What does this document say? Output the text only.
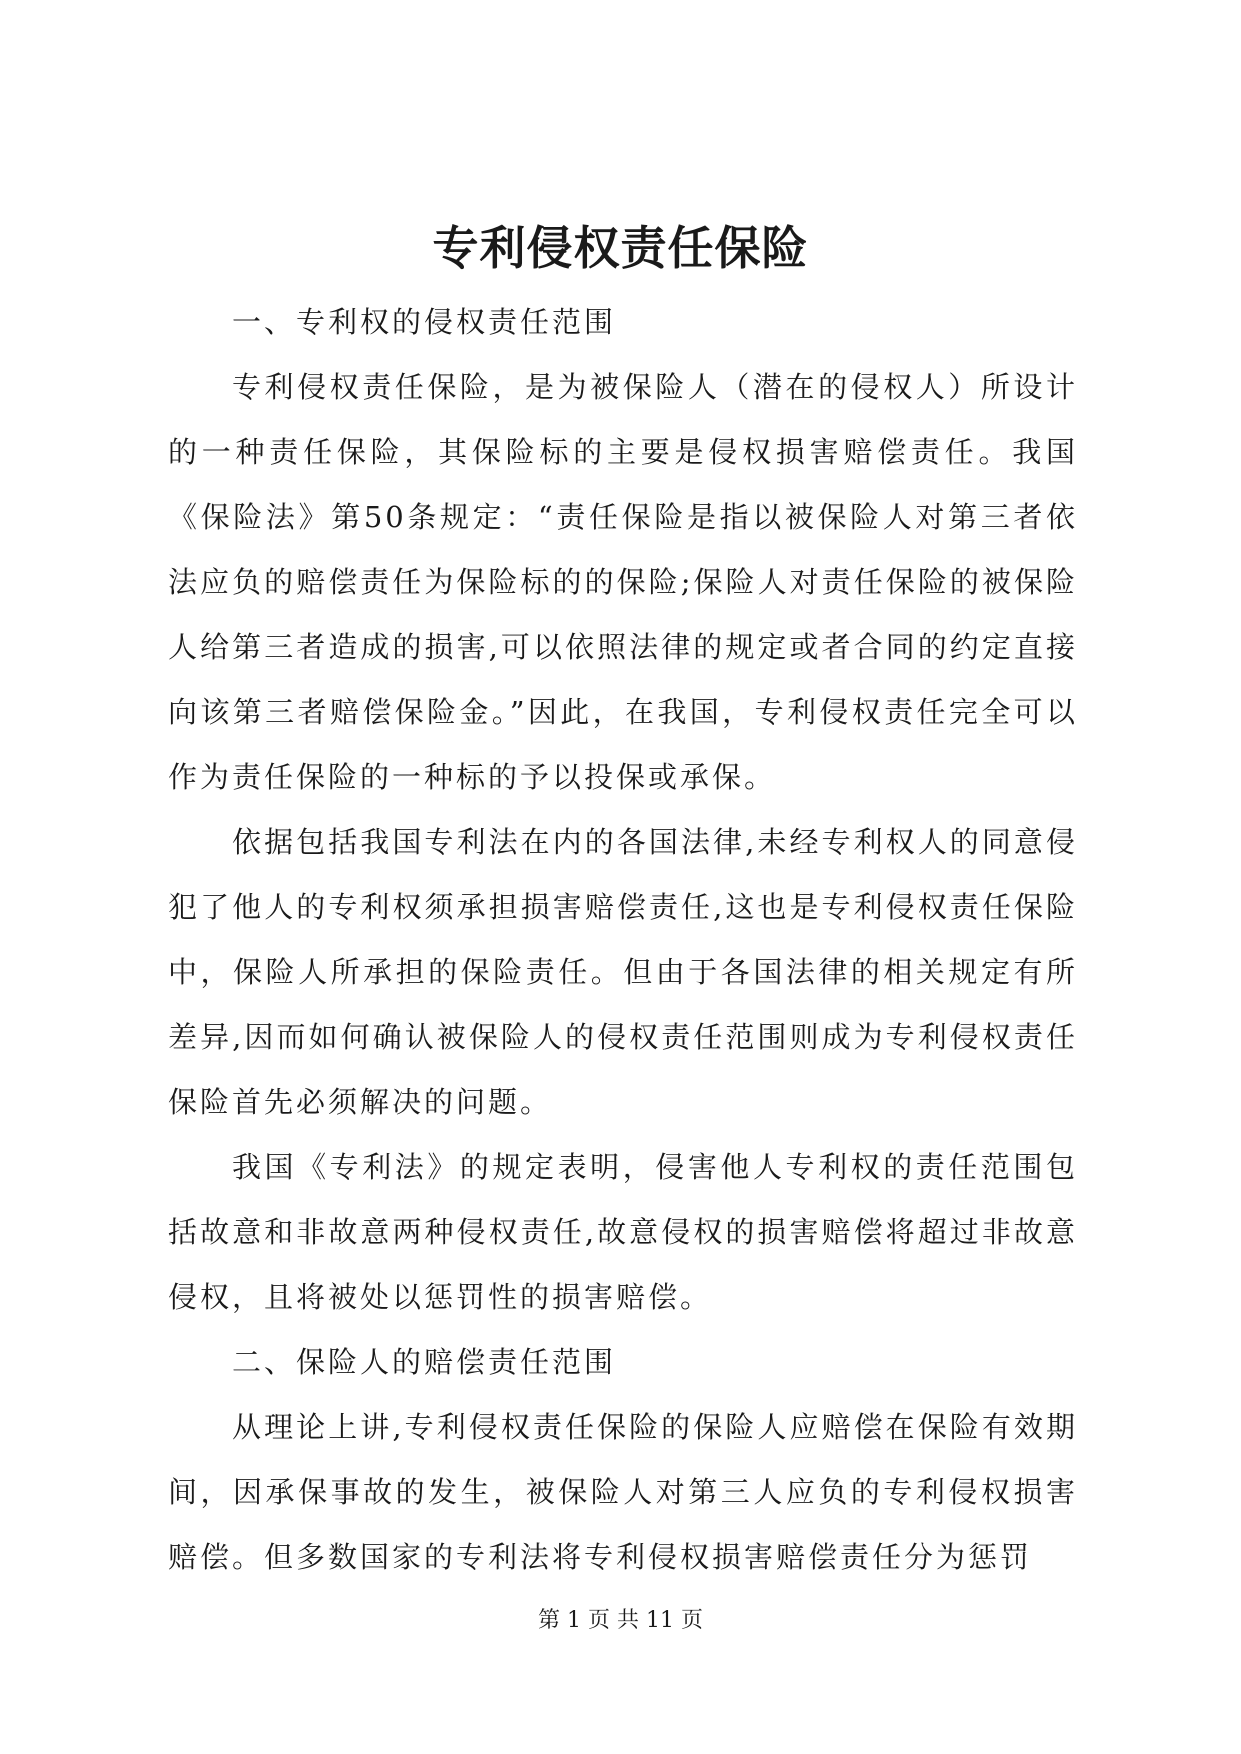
专利侵权责任保险

一、专利权的侵权责任范围

专利侵权责任保险，是为被保险人（潜在的侵权人）所设计的一种责任保险，其保险标的主要是侵权损害赔偿责任。我国《保险法》第50条规定：“责任保险是指以被保险人对第三者依法应负的赔偿责任为保险标的的保险;保险人对责任保险的被保险人给第三者造成的损害,可以依照法律的规定或者合同的约定直接向该第三者赔偿保险金。”因此，在我国，专利侵权责任完全可以作为责任保险的一种标的予以投保或承保。

依据包括我国专利法在内的各国法律,未经专利权人的同意侵犯了他人的专利权须承担损害赔偿责任,这也是专利侵权责任保险中，保险人所承担的保险责任。但由于各国法律的相关规定有所差异,因而如何确认被保险人的侵权责任范围则成为专利侵权责任保险首先必须解决的问题。

我国《专利法》的规定表明，侵害他人专利权的责任范围包括故意和非故意两种侵权责任,故意侵权的损害赔偿将超过非故意侵权，且将被处以惩罚性的损害赔偿。

二、保险人的赔偿责任范围

从理论上讲,专利侵权责任保险的保险人应赔偿在保险有效期间，因承保事故的发生，被保险人对第三人应负的专利侵权损害赔偿。但多数国家的专利法将专利侵权损害赔偿责任分为惩罚

第 1 页 共 11 页
